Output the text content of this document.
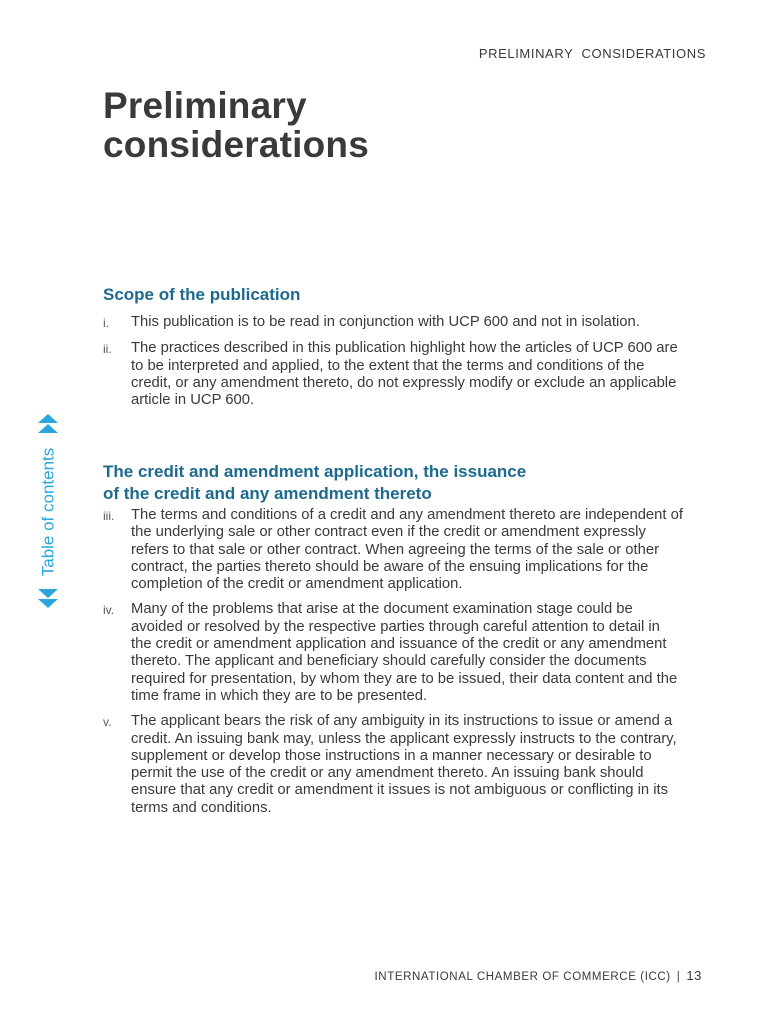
PRELIMINARY  CONSIDERATIONS
Preliminary
considerations
Scope of the publication
i.	This publication is to be read in conjunction with UCP 600 and not in isolation.
ii.	The practices described in this publication highlight how the articles of UCP 600 are to be interpreted and applied, to the extent that the terms and conditions of the credit, or any amendment thereto, do not expressly modify or exclude an applicable article in UCP 600.
The credit and amendment application, the issuance
of the credit and any amendment thereto
iii.	The terms and conditions of a credit and any amendment thereto are independent of the underlying sale or other contract even if the credit or amendment expressly refers to that sale or other contract. When agreeing the terms of the sale or other contract, the parties thereto should be aware of the ensuing implications for the completion of the credit or amendment application.
iv.	Many of the problems that arise at the document examination stage could be avoided or resolved by the respective parties through careful attention to detail in the credit or amendment application and issuance of the credit or any amendment thereto. The applicant and beneficiary should carefully consider the documents required for presentation, by whom they are to be issued, their data content and the time frame in which they are to be presented.
v.	The applicant bears the risk of any ambiguity in its instructions to issue or amend a credit. An issuing bank may, unless the applicant expressly instructs to the contrary, supplement or develop those instructions in a manner necessary or desirable to permit the use of the credit or any amendment thereto. An issuing bank should ensure that any credit or amendment it issues is not ambiguous or conflicting in its terms and conditions.
Table of contents
INTERNATIONAL CHAMBER OF COMMERCE (ICC) | 13
